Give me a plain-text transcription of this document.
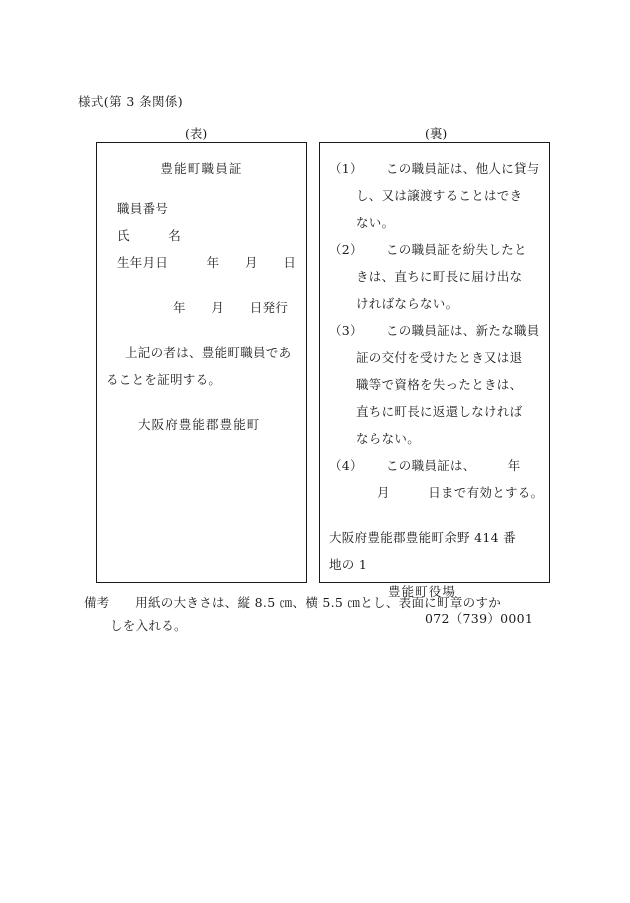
様式(第 3 条関係)
(表)	(裏)
豊能町職員証
職員番号
氏　　　名
生年月日　　　年　　月　　日
年　　月　　日発行
上記の者は、豊能町職員であ
ることを証明する。
大阪府豊能郡豊能町
（1） この職員証は、他人に貸与
し、又は譲渡することはでき
ない。
（2） この職員証を紛失したと
きは、直ちに町長に届け出な
ければならない。
（3） この職員証は、新たな職員
証の交付を受けたとき又は退
職等で資格を失ったときは、
直ちに町長に返還しなければ
ならない。
（4） この職員証は、　　　年
月　　　日まで有効とする。
大阪府豊能郡豊能町余野 414 番
地の 1
豊能町役場
072（739）0001
備考　　用紙の大きさは、縦 8.5 ㎝、横 5.5 ㎝とし、表面に町章のすか
しを入れる。
